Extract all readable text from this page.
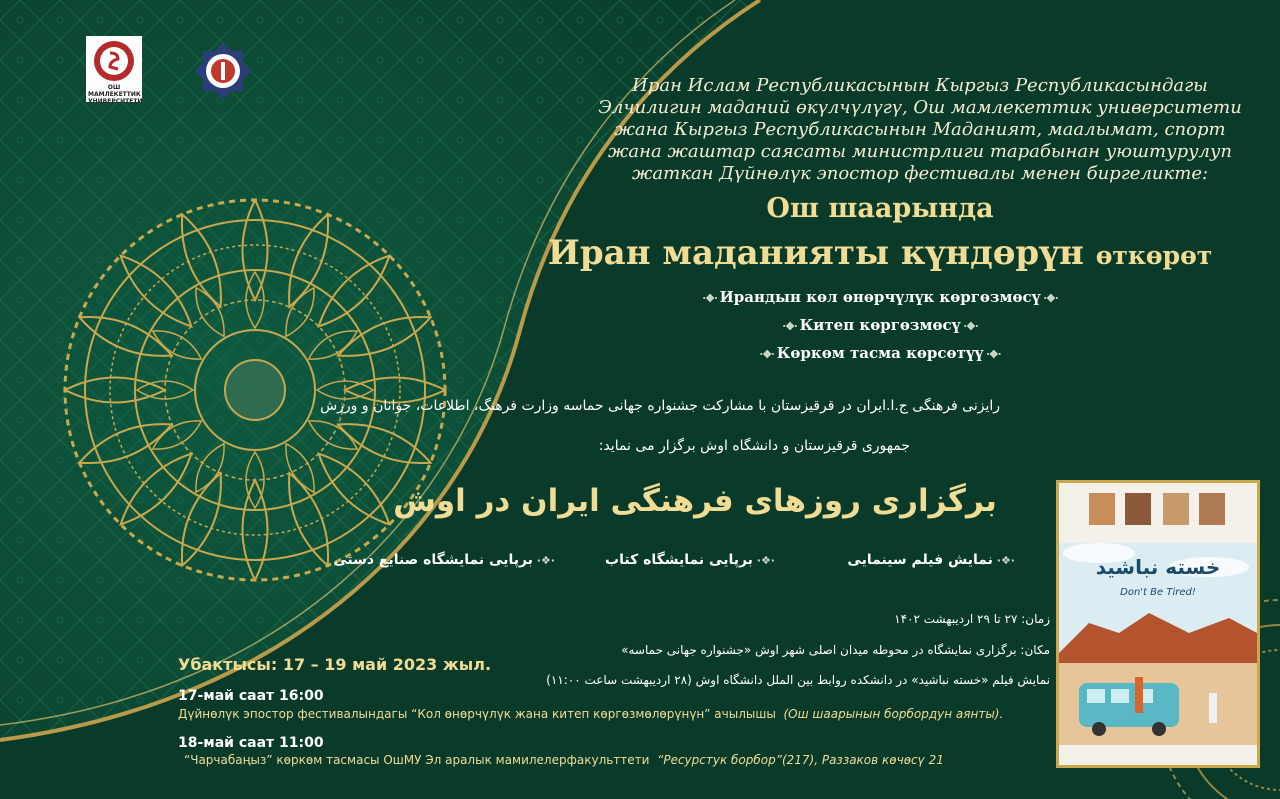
ОШ МАМЛЕКЕТТИК УНИВЕРСИТЕТИ
Иран Ислам Республикасынын Кыргыз Республикасындагы
Элчилигин маданий өкүлчүлүгү, Ош мамлекеттик университети
жана Кыргыз Республикасынын Маданият, маалымат, спорт
жана жаштар саясаты министрлиги тарабынан уюштурулуп
жаткан Дүйнөлүк эпостор фестивалы менен биргеликте:
Ош шаарында
Иран маданияты күндөрүн өткөрөт
·❖· Ирандын көл өнөрчүлүк көргөзмөсү ·❖·
·❖· Китеп көргөзмөсү ·❖·
·❖· Көркөм тасма көрсөтүү ·❖·
رایزنی فرهنگی ج.ا.ایران در قرقیزستان با مشارکت جشنواره جهانی حماسه وزارت فرهنگ، اطلاعات، جوانان و ورزش
جمهوری قرقیزستان و دانشگاه اوش برگزار می نماید:
برگزاری روزهای فرهنگی ایران در اوش
·❖· نمایش فیلم سینمایی
·❖· برپایی نمایشگاه کتاب
·❖· برپایی نمایشگاه صنایع دستی
زمان: ۲۷ تا ۲۹ اردیبهشت ۱۴۰۲
مکان: برگزاری نمایشگاه در محوطه میدان اصلی شهر اوش «جشنواره جهانی حماسه»
نمایش فیلم «خسته نباشید» در دانشکده روابط بین الملل دانشگاه اوش (۲۸ اردیبهشت ساعت ۱۱:۰۰)
Убактысы: 17 – 19 май 2023 жыл.
17-май саат 16:00
Дүйнөлүк эпостор фестивалындагы “Кол өнөрчүлүк жана китеп көргөзмөлөрүнүн” ачылышы (Ош шаарынын борбордун аянты).
18-май саат 11:00
“Чарчабаңыз” көркөм тасмасы ОшМУ Эл аралык мамилелерфакульттети “Ресурстук борбор”(217), Раззаков көчөсү 21
خسته نباشید
Don't Be Tired!
